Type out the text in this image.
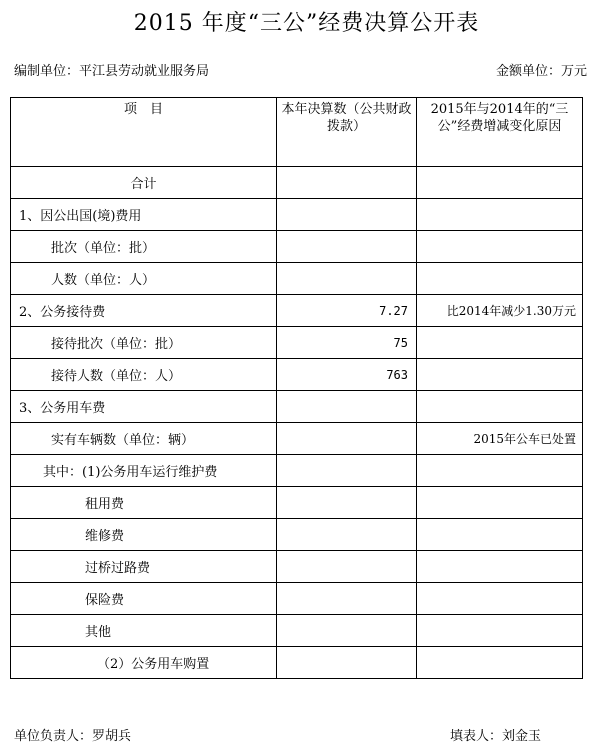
2015 年度“三公”经费决算公开表
编制单位：平江县劳动就业服务局	金额单位：万元
项　目	本年决算数（公共财政拨款）	2015年与2014年的“三公”经费增减变化原因
合计		
1、因公出国(境)费用		
批次（单位：批）		
人数（单位：人）		
2、公务接待费	7.27	比2014年减少1.30万元
接待批次（单位：批）	75	
接待人数（单位：人）	763	
3、公务用车费		
实有车辆数（单位：辆）		2015年公车已处置
其中：(1)公务用车运行维护费		
租用费		
维修费		
过桥过路费		
保险费		
其他		
（2）公务用车购置		
单位负责人：罗胡兵	填表人：刘金玉
